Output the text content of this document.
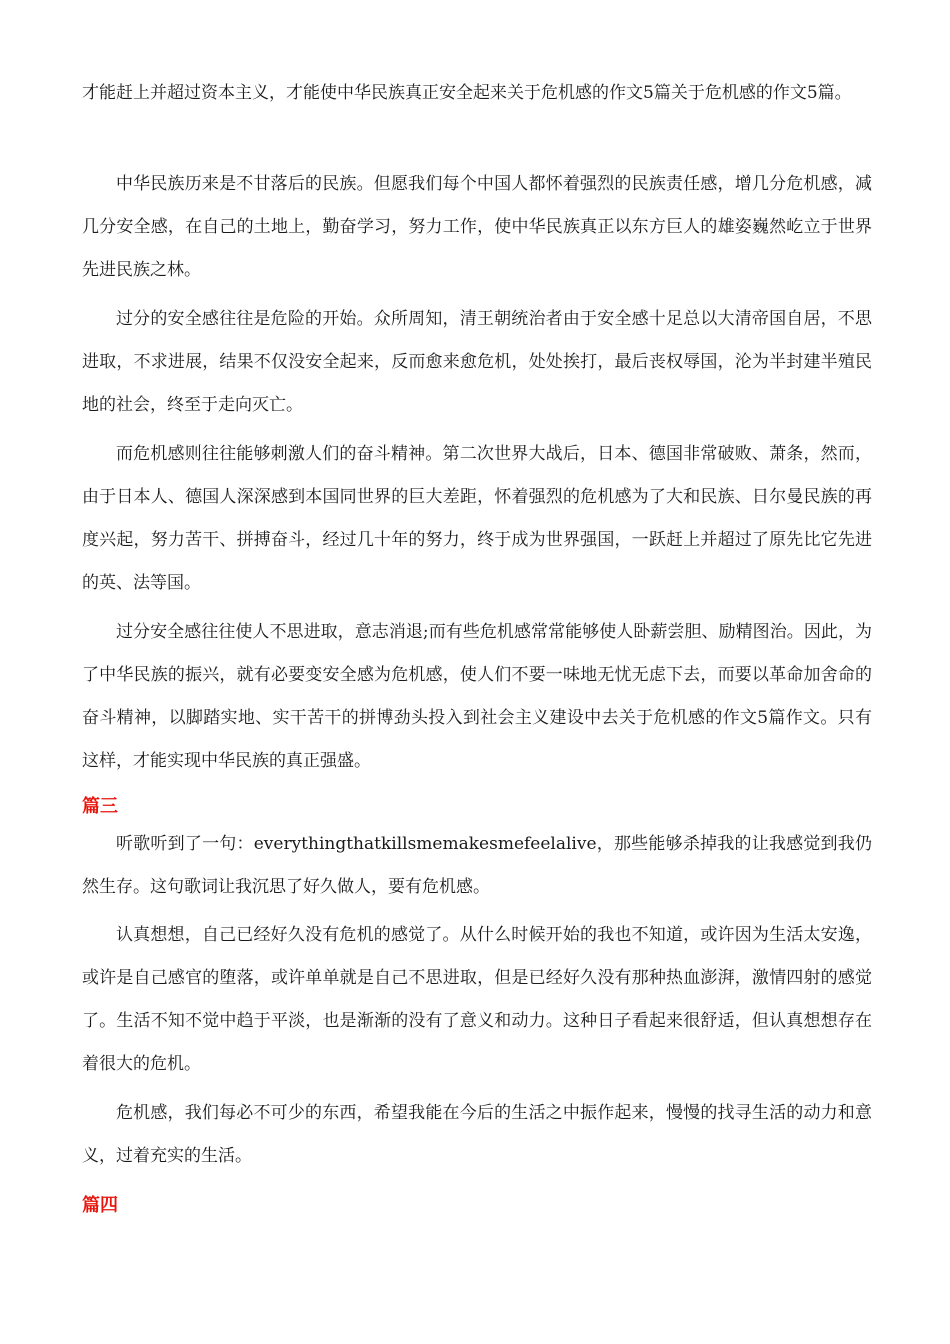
才能赶上并超过资本主义，才能使中华民族真正安全起来关于危机感的作文5篇关于危机感的作文5篇。

中华民族历来是不甘落后的民族。但愿我们每个中国人都怀着强烈的民族责任感，增几分危机感，减几分安全感，在自己的土地上，勤奋学习，努力工作，使中华民族真正以东方巨人的雄姿巍然屹立于世界先进民族之林。

过分的安全感往往是危险的开始。众所周知，清王朝统治者由于安全感十足总以大清帝国自居，不思进取，不求进展，结果不仅没安全起来，反而愈来愈危机，处处挨打，最后丧权辱国，沦为半封建半殖民地的社会，终至于走向灭亡。

而危机感则往往能够刺激人们的奋斗精神。第二次世界大战后，日本、德国非常破败、萧条，然而，由于日本人、德国人深深感到本国同世界的巨大差距，怀着强烈的危机感为了大和民族、日尔曼民族的再度兴起，努力苦干、拼搏奋斗，经过几十年的努力，终于成为世界强国，一跃赶上并超过了原先比它先进的英、法等国。

过分安全感往往使人不思进取，意志消退;而有些危机感常常能够使人卧薪尝胆、励精图治。因此，为了中华民族的振兴，就有必要变安全感为危机感，使人们不要一味地无忧无虑下去，而要以革命加舍命的奋斗精神，以脚踏实地、实干苦干的拼博劲头投入到社会主义建设中去关于危机感的作文5篇作文。只有这样，才能实现中华民族的真正强盛。

篇三

听歌听到了一句：everythingthatkillsmemakesmefeelalive，那些能够杀掉我的让我感觉到我仍然生存。这句歌词让我沉思了好久做人，要有危机感。

认真想想，自己已经好久没有危机的感觉了。从什么时候开始的我也不知道，或许因为生活太安逸，或许是自己感官的堕落，或许单单就是自己不思进取，但是已经好久没有那种热血澎湃，激情四射的感觉了。生活不知不觉中趋于平淡，也是渐渐的没有了意义和动力。这种日子看起来很舒适，但认真想想存在着很大的危机。

危机感，我们每必不可少的东西，希望我能在今后的生活之中振作起来，慢慢的找寻生活的动力和意义，过着充实的生活。

篇四
